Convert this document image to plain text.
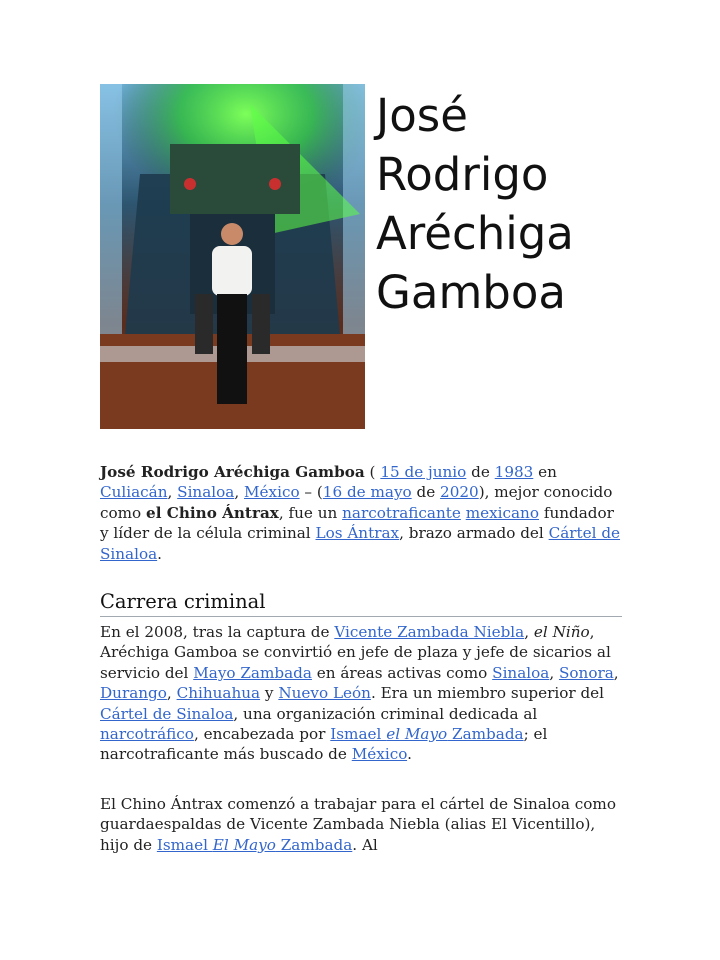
José
Rodrigo
Aréchiga
Gamboa

José Rodrigo Aréchiga Gamboa ( 15 de junio de 1983 en Culiacán, Sinaloa, México – (16 de mayo de 2020), mejor conocido como el Chino Ántrax, fue un narcotraficante mexicano fundador y líder de la célula criminal Los Ántrax, brazo armado del Cártel de Sinaloa.

Carrera criminal

En el 2008, tras la captura de Vicente Zambada Niebla, el Niño, Aréchiga Gamboa se convirtió en jefe de plaza y jefe de sicarios al servicio del Mayo Zambada en áreas activas como Sinaloa, Sonora, Durango, Chihuahua y Nuevo León. Era un miembro superior del Cártel de Sinaloa, una organización criminal dedicada al narcotráfico, encabezada por Ismael el Mayo Zambada; el narcotraficante más buscado de México.

El Chino Ántrax comenzó a trabajar para el cártel de Sinaloa como guardaespaldas de Vicente Zambada Niebla (alias El Vicentillo), hijo de Ismael El Mayo Zambada. Al
